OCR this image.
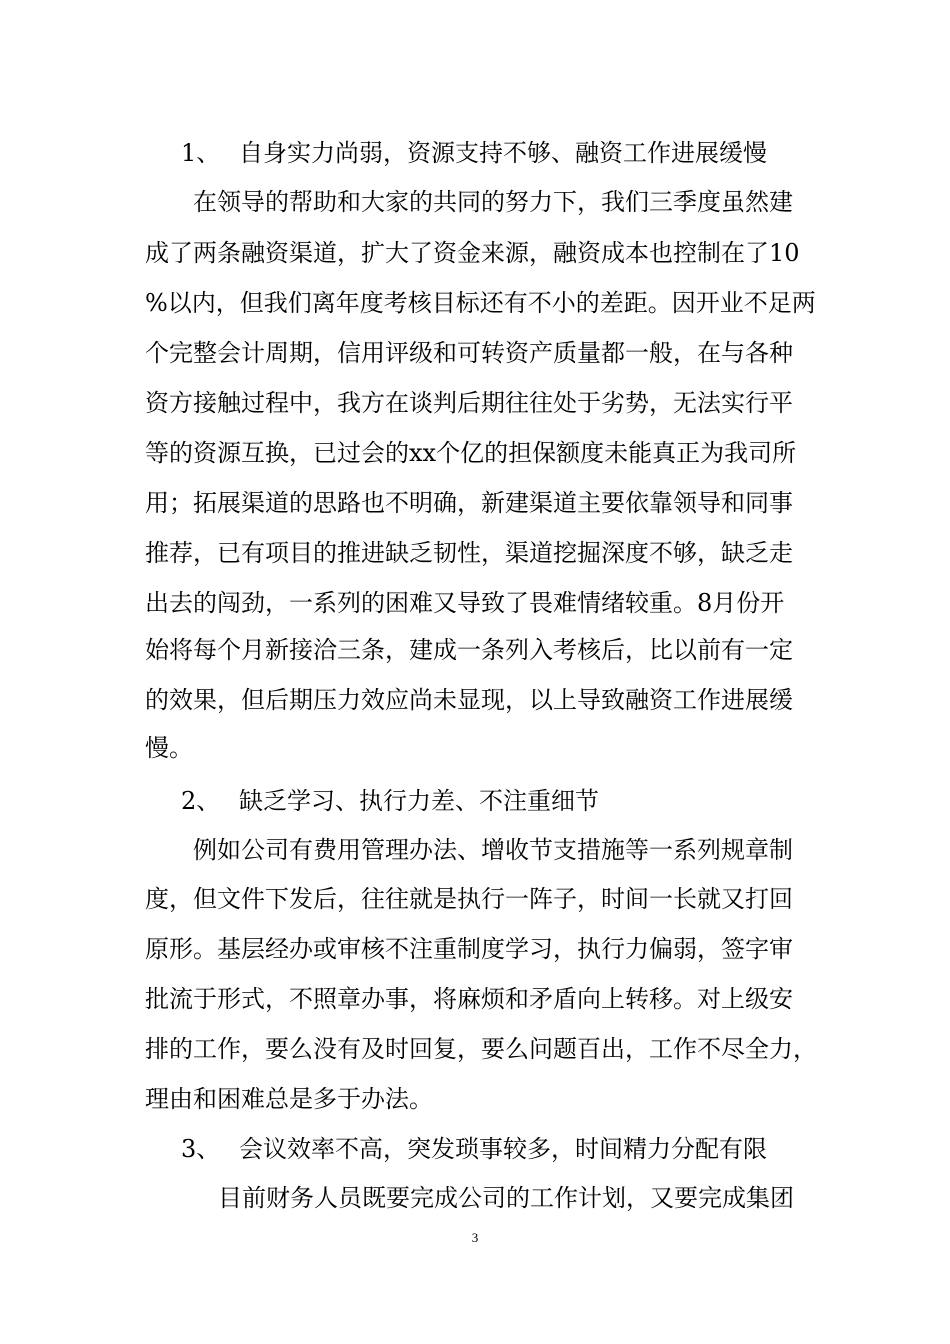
1、 自身实力尚弱，资源支持不够、融资工作进展缓慢
在领导的帮助和大家的共同的努力下，我们三季度虽然建
成了两条融资渠道，扩大了资金来源，融资成本也控制在了10
%以内，但我们离年度考核目标还有不小的差距。因开业不足两
个完整会计周期，信用评级和可转资产质量都一般，在与各种
资方接触过程中，我方在谈判后期往往处于劣势，无法实行平
等的资源互换，已过会的xx个亿的担保额度未能真正为我司所
用；拓展渠道的思路也不明确，新建渠道主要依靠领导和同事
推荐，已有项目的推进缺乏韧性，渠道挖掘深度不够，缺乏走
出去的闯劲，一系列的困难又导致了畏难情绪较重。8月份开
始将每个月新接洽三条，建成一条列入考核后，比以前有一定
的效果，但后期压力效应尚未显现，以上导致融资工作进展缓
慢。
2、 缺乏学习、执行力差、不注重细节
例如公司有费用管理办法、增收节支措施等一系列规章制
度，但文件下发后，往往就是执行一阵子，时间一长就又打回
原形。基层经办或审核不注重制度学习，执行力偏弱，签字审
批流于形式，不照章办事，将麻烦和矛盾向上转移。对上级安
排的工作，要么没有及时回复，要么问题百出，工作不尽全力，
理由和困难总是多于办法。
3、 会议效率不高，突发琐事较多，时间精力分配有限
目前财务人员既要完成公司的工作计划，又要完成集团
3
